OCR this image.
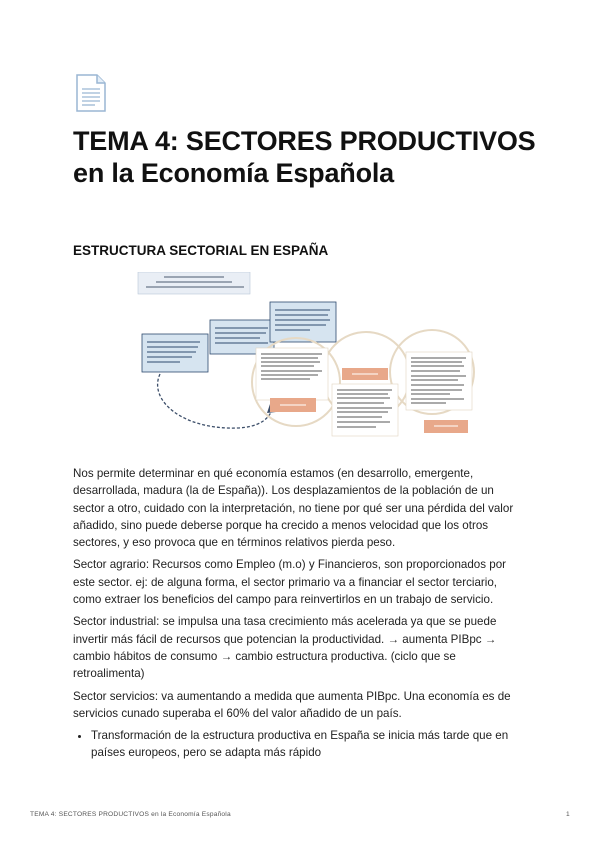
TEMA 4: SECTORES PRODUCTIVOS en la Economía Española
ESTRUCTURA SECTORIAL EN ESPAÑA

Nos permite determinar en qué economía estamos (en desarrollo, emergente, desarrollada, madura (la de España)). Los desplazamientos de la población de un sector a otro, cuidado con la interpretación, no tiene por qué ser una pérdida del valor añadido, sino puede deberse porque ha crecido a menos velocidad que los otros sectores, y eso provoca que en términos relativos pierda peso.

Sector agrario: Recursos como Empleo (m.o) y Financieros, son proporcionados por este sector. ej: de alguna forma, el sector primario va a financiar el sector terciario, como extraer los beneficios del campo para reinvertirlos en un trabajo de servicio.

Sector industrial: se impulsa una tasa crecimiento más acelerada ya que se puede invertir más fácil de recursos que potencian la productividad. → aumenta PIBpc → cambio hábitos de consumo → cambio estructura productiva. (ciclo que se retroalimenta)

Sector servicios: va aumentando a medida que aumenta PIBpc. Una economía es de servicios cunado superaba el 60% del valor añadido de un país.

• Transformación de la estructura productiva en España se inicia más tarde que en países europeos, pero se adapta más rápido
TEMA 4: SECTORES PRODUCTIVOS en la Economía Española	1
